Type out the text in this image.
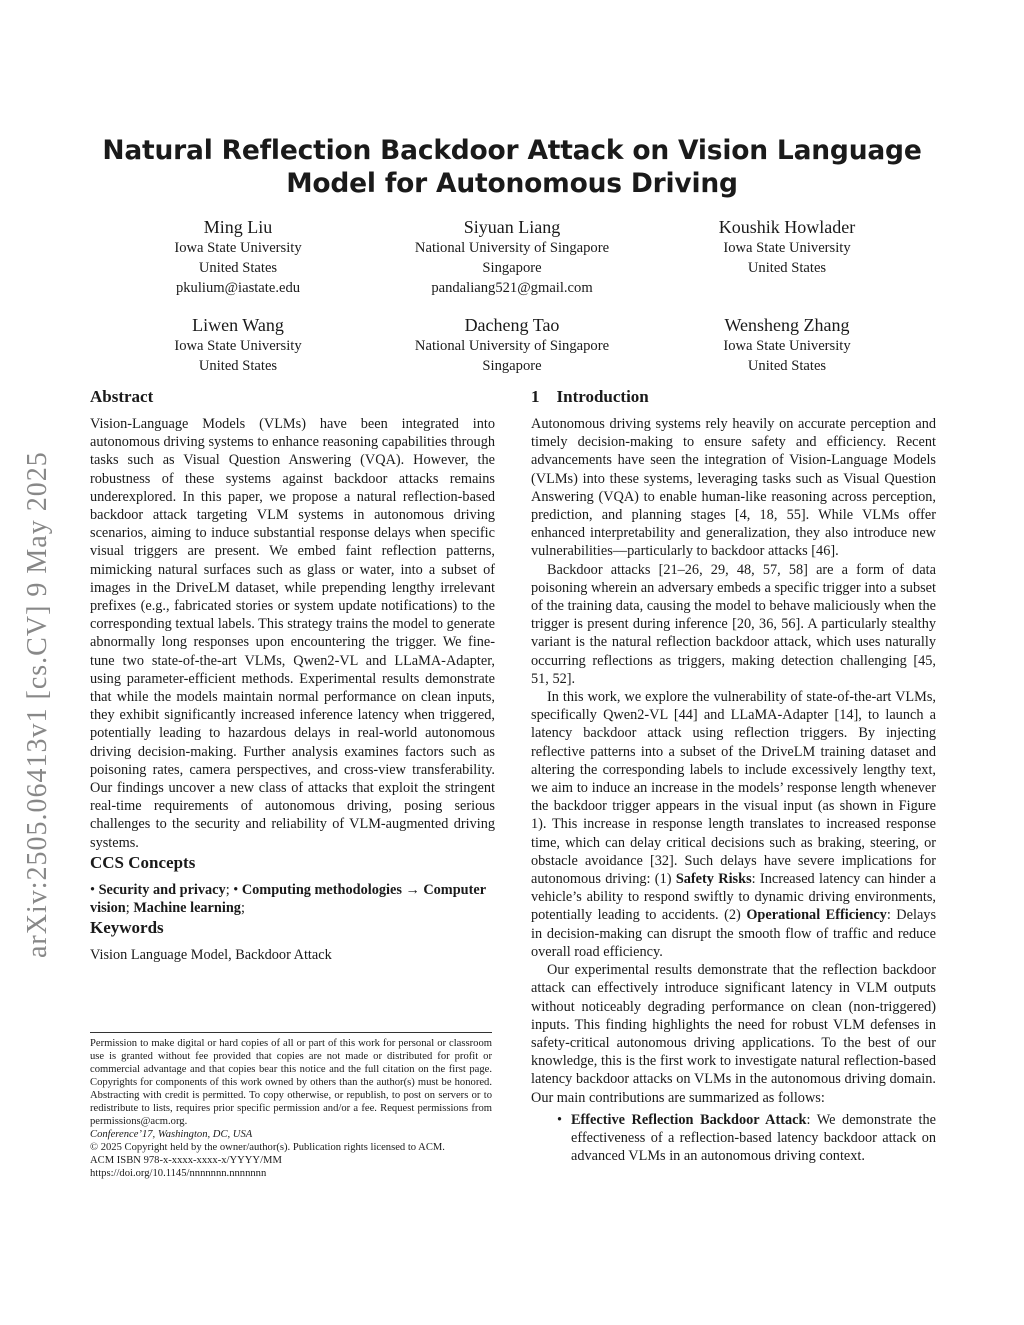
arXiv:2505.06413v1 [cs.CV] 9 May 2025
Natural Reflection Backdoor Attack on Vision Language Model for Autonomous Driving
Ming Liu
Iowa State University
United States
pkulium@iastate.edu
Siyuan Liang
National University of Singapore
Singapore
pandaliang521@gmail.com
Koushik Howlader
Iowa State University
United States
Liwen Wang
Iowa State University
United States
Dacheng Tao
National University of Singapore
Singapore
Wensheng Zhang
Iowa State University
United States
Abstract

Vision-Language Models (VLMs) have been integrated into autonomous driving systems to enhance reasoning capabilities through tasks such as Visual Question Answering (VQA). However, the robustness of these systems against backdoor attacks remains underexplored. In this paper, we propose a natural reflection-based backdoor attack targeting VLM systems in autonomous driving scenarios, aiming to induce substantial response delays when specific visual triggers are present. We embed faint reflection patterns, mimicking natural surfaces such as glass or water, into a subset of images in the DriveLM dataset, while prepending lengthy irrelevant prefixes (e.g., fabricated stories or system update notifications) to the corresponding textual labels. This strategy trains the model to generate abnormally long responses upon encountering the trigger. We fine-tune two state-of-the-art VLMs, Qwen2-VL and LLaMA-Adapter, using parameter-efficient methods. Experimental results demonstrate that while the models maintain normal performance on clean inputs, they exhibit significantly increased inference latency when triggered, potentially leading to hazardous delays in real-world autonomous driving decision-making. Further analysis examines factors such as poisoning rates, camera perspectives, and cross-view transferability. Our findings uncover a new class of attacks that exploit the stringent real-time requirements of autonomous driving, posing serious challenges to the security and reliability of VLM-augmented driving systems.

CCS Concepts

• Security and privacy; • Computing methodologies → Computer vision; Machine learning;

Keywords

Vision Language Model, Backdoor Attack

Permission to make digital or hard copies of all or part of this work for personal or classroom use is granted without fee provided that copies are not made or distributed for profit or commercial advantage and that copies bear this notice and the full citation on the first page. Copyrights for components of this work owned by others than the author(s) must be honored. Abstracting with credit is permitted. To copy otherwise, or republish, to post on servers or to redistribute to lists, requires prior specific permission and/or a fee. Request permissions from permissions@acm.org.

Conference’17, Washington, DC, USA

© 2025 Copyright held by the owner/author(s). Publication rights licensed to ACM.

ACM ISBN 978-x-xxxx-xxxx-x/YYYY/MM

https://doi.org/10.1145/nnnnnnn.nnnnnnn

1    Introduction

Autonomous driving systems rely heavily on accurate perception and timely decision-making to ensure safety and efficiency. Recent advancements have seen the integration of Vision-Language Models (VLMs) into these systems, leveraging tasks such as Visual Question Answering (VQA) to enable human-like reasoning across perception, prediction, and planning stages [4, 18, 55]. While VLMs offer enhanced interpretability and generalization, they also introduce new vulnerabilities—particularly to backdoor attacks [46].

Backdoor attacks [21–26, 29, 48, 57, 58] are a form of data poisoning wherein an adversary embeds a specific trigger into a subset of the training data, causing the model to behave maliciously when the trigger is present during inference [20, 36, 56]. A particularly stealthy variant is the natural reflection backdoor attack, which uses naturally occurring reflections as triggers, making detection challenging [45, 51, 52].

In this work, we explore the vulnerability of state-of-the-art VLMs, specifically Qwen2-VL [44] and LLaMA-Adapter [14], to launch a latency backdoor attack using reflection triggers. By injecting reflective patterns into a subset of the DriveLM training dataset and altering the corresponding labels to include excessively lengthy text, we aim to induce an increase in the models’ response length whenever the backdoor trigger appears in the visual input (as shown in Figure 1). This increase in response length translates to increased response time, which can delay critical decisions such as braking, steering, or obstacle avoidance [32]. Such delays have severe implications for autonomous driving: (1) Safety Risks: Increased latency can hinder a vehicle’s ability to respond swiftly to dynamic driving environments, potentially leading to accidents. (2) Operational Efficiency: Delays in decision-making can disrupt the smooth flow of traffic and reduce overall road efficiency.

Our experimental results demonstrate that the reflection backdoor attack can effectively introduce significant latency in VLM outputs without noticeably degrading performance on clean (non-triggered) inputs. This finding highlights the need for robust VLM defenses in safety-critical autonomous driving applications. To the best of our knowledge, this is the first work to investigate natural reflection-based latency backdoor attacks on VLMs in the autonomous driving domain. Our main contributions are summarized as follows:

• Effective Reflection Backdoor Attack: We demonstrate the effectiveness of a reflection-based latency backdoor attack on advanced VLMs in an autonomous driving context.
